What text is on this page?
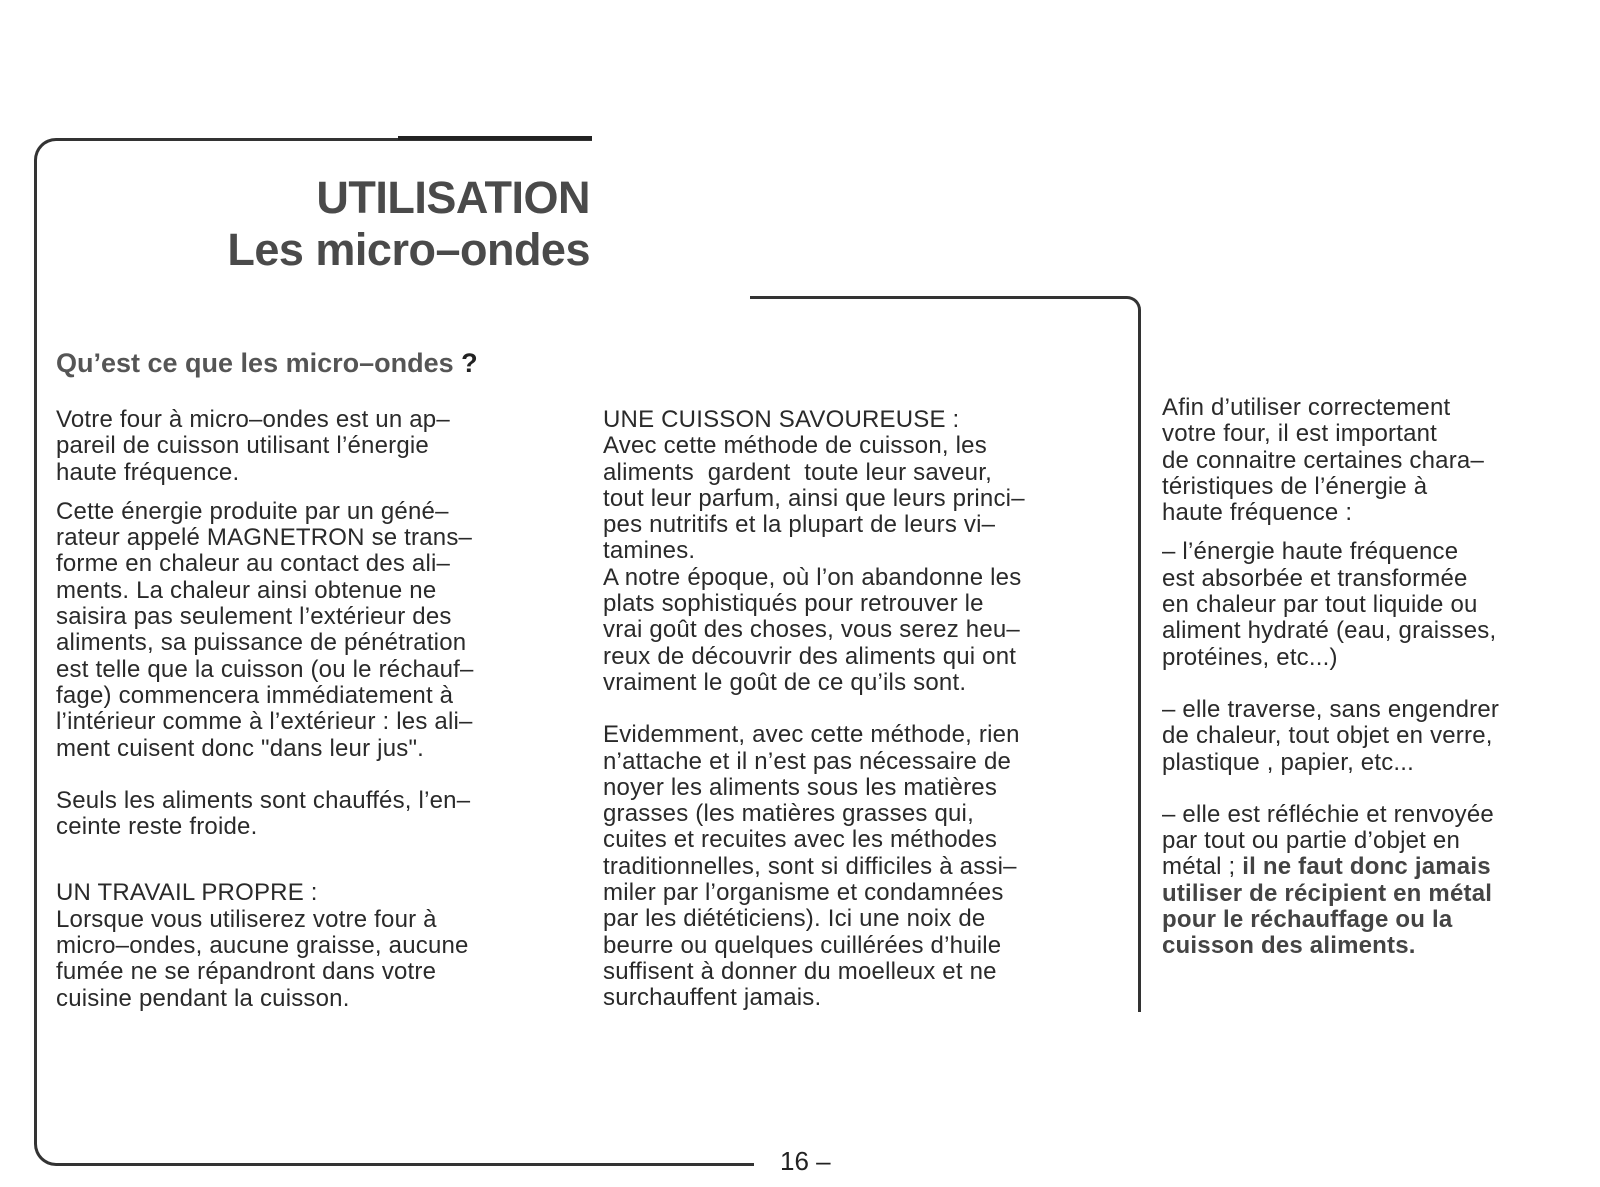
UTILISATION
Les micro–ondes
Qu’est ce que les micro–ondes ?

Votre four à micro–ondes est un ap–
pareil de cuisson utilisant l’énergie
haute fréquence.

Cette énergie produite par un géné–
rateur appelé MAGNETRON se trans–
forme en chaleur au contact des ali–
ments. La chaleur ainsi obtenue ne
saisira pas seulement l’extérieur des
aliments, sa puissance de pénétration
est telle que la cuisson (ou le réchauf–
fage) commencera immédiatement à
l’intérieur comme à l’extérieur : les ali–
ment cuisent donc "dans leur jus".

Seuls les aliments sont chauffés, l’en–
ceinte reste froide.

UN TRAVAIL PROPRE :

Lorsque vous utiliserez votre four à
micro–ondes, aucune graisse, aucune
fumée ne se répandront dans votre
cuisine pendant la cuisson.

UNE CUISSON SAVOUREUSE :

Avec cette méthode de cuisson, les
aliments  gardent  toute leur saveur,
tout leur parfum, ainsi que leurs princi–
pes nutritifs et la plupart de leurs vi–
tamines.
A notre époque, où l’on abandonne les
plats sophistiqués pour retrouver le
vrai goût des choses, vous serez heu–
reux de découvrir des aliments qui ont
vraiment le goût de ce qu’ils sont.

Evidemment, avec cette méthode, rien
n’attache et il n’est pas nécessaire de
noyer les aliments sous les matières
grasses (les matières grasses qui,
cuites et recuites avec les méthodes
traditionnelles, sont si difficiles à assi–
miler par l’organisme et condamnées
par les diététiciens). Ici une noix de
beurre ou quelques cuillérées d’huile
suffisent à donner du moelleux et ne
surchauffent jamais.

Afin d’utiliser correctement
votre four, il est important
de connaitre certaines chara–
téristiques de l’énergie à
haute fréquence :

– l’énergie haute fréquence
est absorbée et transformée
en chaleur par tout liquide ou
aliment hydraté (eau, graisses,
protéines, etc...)

– elle traverse, sans engendrer
de chaleur, tout objet en verre,
plastique , papier, etc...

– elle est réfléchie et renvoyée
par tout ou partie d’objet en
métal ; il ne faut donc jamais
utiliser de récipient en métal
pour le réchauffage ou la
cuisson des aliments.

16 –
